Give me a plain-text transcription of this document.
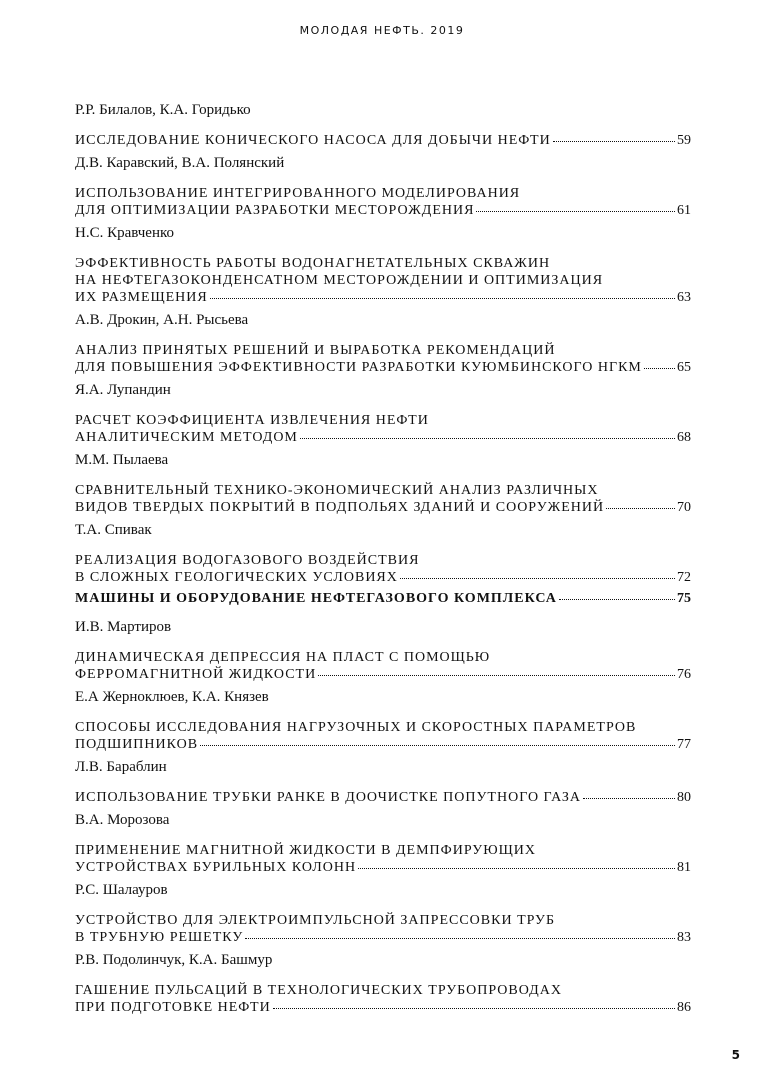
МОЛОДАЯ НЕФТЬ. 2019
Р.Р. Билалов, К.А. Горидько
ИССЛЕДОВАНИЕ КОНИЧЕСКОГО НАСОСА ДЛЯ ДОБЫЧИ НЕФТИ	59
Д.В. Каравский, В.А. Полянский
ИСПОЛЬЗОВАНИЕ ИНТЕГРИРОВАННОГО МОДЕЛИРОВАНИЯ
ДЛЯ ОПТИМИЗАЦИИ РАЗРАБОТКИ МЕСТОРОЖДЕНИЯ	61
Н.С. Кравченко
ЭФФЕКТИВНОСТЬ РАБОТЫ ВОДОНАГНЕТАТЕЛЬНЫХ СКВАЖИН
НА НЕФТЕГАЗОКОНДЕНСАТНОМ МЕСТОРОЖДЕНИИ И ОПТИМИЗАЦИЯ
ИХ РАЗМЕЩЕНИЯ	63
А.В. Дрокин, А.Н. Рысьева
АНАЛИЗ ПРИНЯТЫХ РЕШЕНИЙ И ВЫРАБОТКА РЕКОМЕНДАЦИЙ
ДЛЯ ПОВЫШЕНИЯ ЭФФЕКТИВНОСТИ РАЗРАБОТКИ КУЮМБИНСКОГО НГКМ	65
Я.А. Лупандин
РАСЧЕТ КОЭФФИЦИЕНТА ИЗВЛЕЧЕНИЯ НЕФТИ
АНАЛИТИЧЕСКИМ МЕТОДОМ	68
М.М. Пылаева
СРАВНИТЕЛЬНЫЙ ТЕХНИКО-ЭКОНОМИЧЕСКИЙ АНАЛИЗ РАЗЛИЧНЫХ
ВИДОВ ТВЕРДЫХ ПОКРЫТИЙ В ПОДПОЛЬЯХ ЗДАНИЙ И СООРУЖЕНИЙ	70
Т.А. Спивак
РЕАЛИЗАЦИЯ ВОДОГАЗОВОГО ВОЗДЕЙСТВИЯ
В СЛОЖНЫХ ГЕОЛОГИЧЕСКИХ УСЛОВИЯХ	72
МАШИНЫ И ОБОРУДОВАНИЕ НЕФТЕГАЗОВОГО КОМПЛЕКСА	75
И.В. Мартиров
ДИНАМИЧЕСКАЯ ДЕПРЕССИЯ НА ПЛАСТ С ПОМОЩЬЮ
ФЕРРОМАГНИТНОЙ ЖИДКОСТИ	76
Е.А Жерноклюев, К.А. Князев
СПОСОБЫ ИССЛЕДОВАНИЯ НАГРУЗОЧНЫХ И СКОРОСТНЫХ ПАРАМЕТРОВ
ПОДШИПНИКОВ	77
Л.В. Бараблин
ИСПОЛЬЗОВАНИЕ ТРУБКИ РАНКЕ В ДООЧИСТКЕ ПОПУТНОГО ГАЗА	80
В.А. Морозова
ПРИМЕНЕНИЕ МАГНИТНОЙ ЖИДКОСТИ В ДЕМПФИРУЮЩИХ
УСТРОЙСТВАХ БУРИЛЬНЫХ КОЛОНН	81
Р.С. Шалауров
УСТРОЙСТВО ДЛЯ ЭЛЕКТРОИМПУЛЬСНОЙ ЗАПРЕССОВКИ ТРУБ
В ТРУБНУЮ РЕШЕТКУ	83
Р.В. Подолинчук, К.А. Башмур
ГАШЕНИЕ ПУЛЬСАЦИЙ В ТЕХНОЛОГИЧЕСКИХ ТРУБОПРОВОДАХ
ПРИ ПОДГОТОВКЕ НЕФТИ	86
5
